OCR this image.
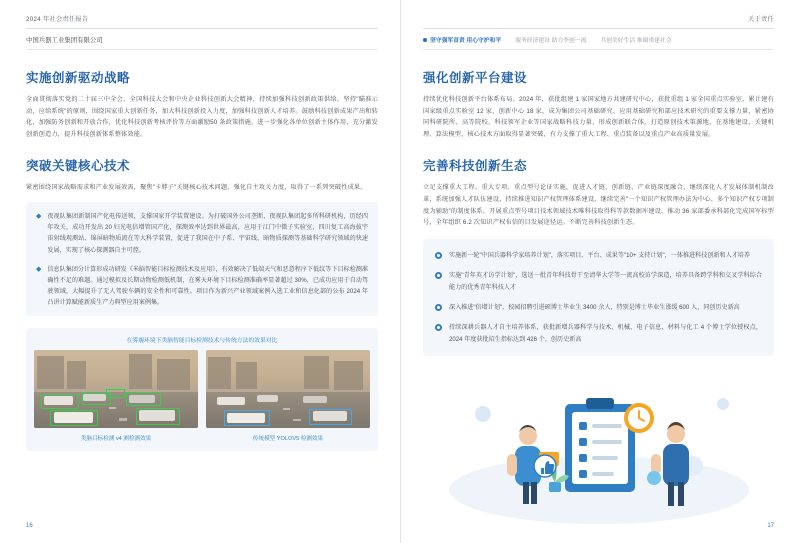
2024 年社会责任报告
中国兵器工业集团有限公司
实施创新驱动战略

全面贯彻落实党的二十届三中全会、全国科技大会和中央企业科技创新大会精神，持续加强科技创新政策供给。坚持"瞄准示动、应给系统"的原则，围绕国家重大创新任务，加大科技创新投入力度，加强科技创新人才培养。鼓励科技创新成果产出和转化，加强防务创新和开放合作，优化科技创新考核评价等方面激励50 条政策措施，进一步强化各单位创新主体作用，充分激发创新创造力，提升科技创新体系整体效能。

突破关键核心技术

紧密围绕国家战略需求和产业发展效需，聚焦"卡脖子"关键核心技术问题，强化自主攻关力度，取得了一系列突破性成果。

◆ 夜视队集团新制国产化电传送领，支撑国家开学装置建设。为打破国外公司垄断，夜视队集团起多所科研机构，历经四年攻关，成功开发出 20 妇光电倍增管国产化，探测效率达到世界最高，应用于江门中微子实验室，四川复工高海拔宇宙射线观测站、锦屏暗物质流在等大科学装置，促进了我国在中子系、宇宙线、暗物质探测等基础科学研究领域的快速发展，实现了核心探测器自主可控。
◆ 信息队集团分计算形成功研发《米脑智能目标检测技术及应用》，有效解决了低端天气和恶意程序下低纹等下目标检测准确性不足的难题。通过模拟及长期动物检测低机制，在雾天环境下目标检测准确率显著超过 30%，已成功应用于自动驾驶领域，大幅提升了无人驾驶车辆的安全性和可靠性。项目作为新兴产业领域案例入选工业和信息化部的公布 2024 年凸讲计算赋能新质生产力典型应用案例集。
在雾霾环境下类脑智能目标检测技术与传统方法的效果对比
类脑目标检测 v4 测检测效果	传统模型 YOLOV5 检测效果
16
关于责任
坚守强军首责 用心守护和平 服务经济建设 助力李创一流 共创美好生活 推谢重建社会
强化创新平台建设

持续优化科技创新平台体系布局。2024 年，获批组建 1 家国家地方共建研究中心，获批重组 1 家全国重点实验室，累计建有国家级重点实验室 12 家、创新中心 18 家，成为集团公司基础研究、应用基础研究和部应技术研究的重要支撑力量，紧密协同科研院所、高等院校、科技领军企业等国家战略科技力量，形成创新联合体，打造原创技术策源地，在基地建设、关键机理、算法模型、核心技术方面取得显著突破，有力支撑了重大工程、重点装备以及重点产业高质量发展。

完善科技创新生态

立足支撑重大工程、重大专项、重点型号论证实施，促进人才链、创新链、产业链深度融合，继续深化人才发展体制机制改革，系统加强人才队伍建设，持续推进知识产权管理体系建设，继续完善"一个知识产权管理办法为中心、多个知识产权专项制度为辅助"的制度体系。开展重点型号项目技术领域技术唯科技取得科等款数据库建设，推动 36 家部委承科部化完成国军标型号，全年组织 6.2 次知识产权布信的目发展途径运。不断完善科技创新生态。

实施新一轮"中国兵器科学家培养计划"，落实项目、平台、成果等"10+ 支持计划"，一体推进科技创新和人才培养
实施"青年英才访学计划"，选送一批青年科技骨干至清华大学等一流高校访学深造，培养具备跨学科和交叉学科综合能力的优秀青年科技人才
深入推进"倍增计划"，校园招聘引进硕博士毕业生 3400 余人，特别是博士毕业生涨缓 600 人，同创历史新高
持续深耕兵器人才自主培养体系，获批新增兵器科学与技术、机械、电子信息、材料与化工 4 个博士学位授权点，2024 年度获批招生指标达到 426 个，创历史新高
17
